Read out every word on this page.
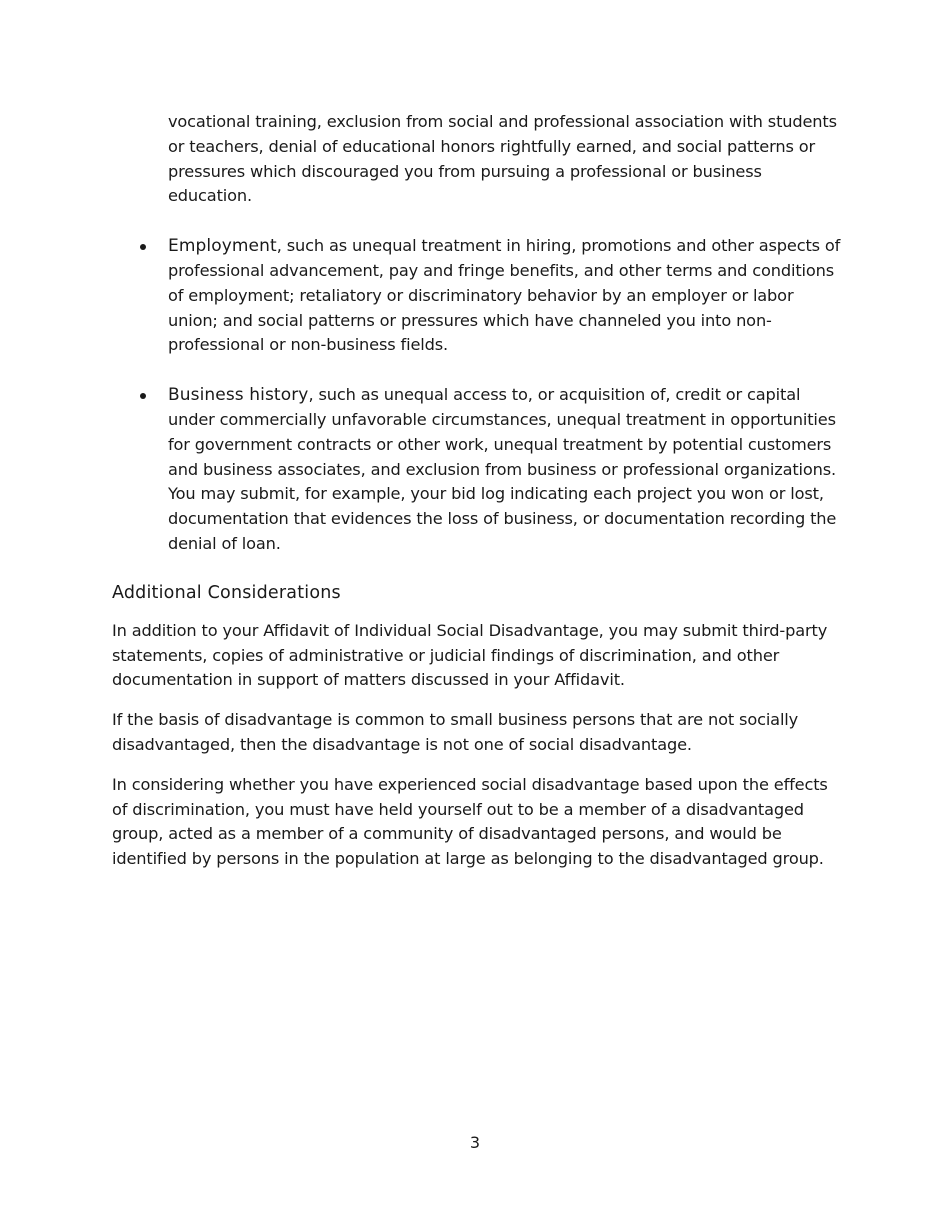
vocational training, exclusion from social and professional association with students or teachers, denial of educational honors rightfully earned, and social patterns or pressures which discouraged you from pursuing a professional or business education.

Employment, such as unequal treatment in hiring, promotions and other aspects of professional advancement, pay and fringe benefits, and other terms and conditions of employment; retaliatory or discriminatory behavior by an employer or labor union; and social patterns or pressures which have channeled you into non-professional or non-business fields.
Business history, such as unequal access to, or acquisition of, credit or capital under commercially unfavorable circumstances, unequal treatment in opportunities for government contracts or other work, unequal treatment by potential customers and business associates, and exclusion from business or professional organizations. You may submit, for example, your bid log indicating each project you won or lost, documentation that evidences the loss of business, or documentation recording the denial of loan.
Additional Considerations

In addition to your Affidavit of Individual Social Disadvantage, you may submit third-party statements, copies of administrative or judicial findings of discrimination, and other documentation in support of matters discussed in your Affidavit.

If the basis of disadvantage is common to small business persons that are not socially disadvantaged, then the disadvantage is not one of social disadvantage.

In considering whether you have experienced social disadvantage based upon the effects of discrimination, you must have held yourself out to be a member of a disadvantaged group, acted as a member of a community of disadvantaged persons, and would be identified by persons in the population at large as belonging to the disadvantaged group.

3
